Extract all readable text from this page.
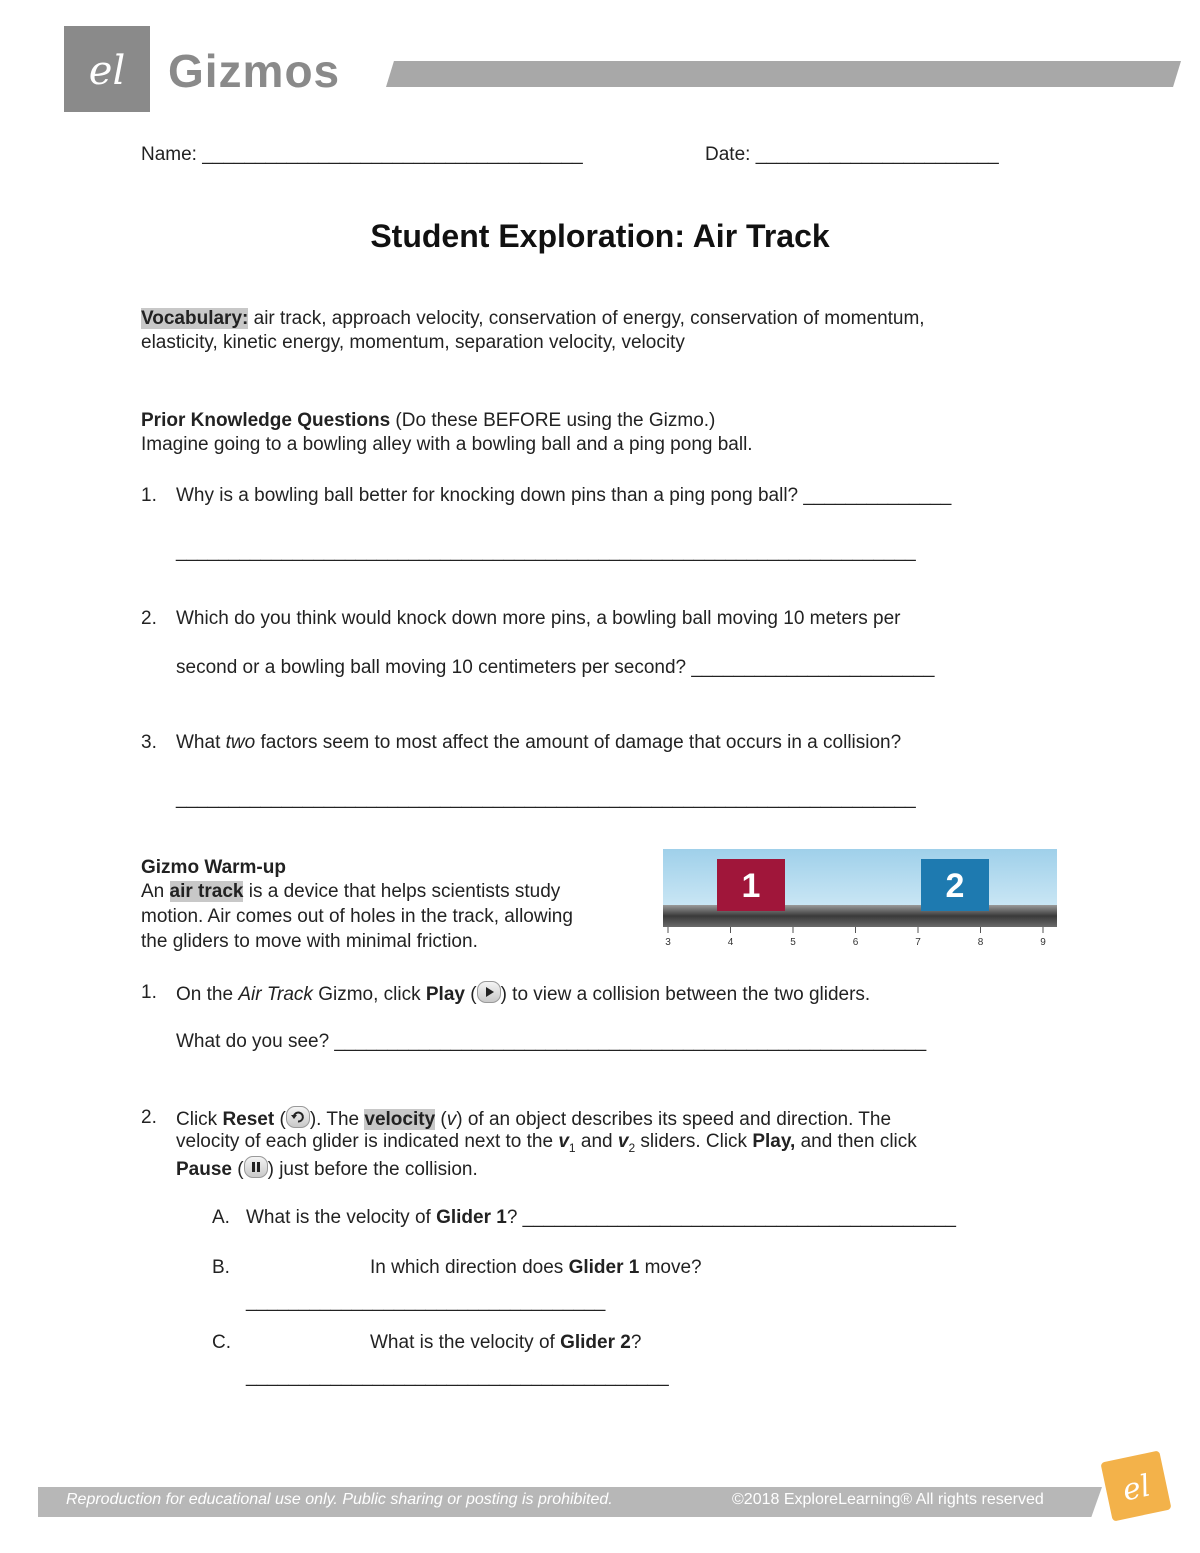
el Gizmos
Name: ____________________________________	Date: _______________________
Student Exploration: Air Track
Vocabulary: air track, approach velocity, conservation of energy, conservation of momentum,
elasticity, kinetic energy, momentum, separation velocity, velocity
Prior Knowledge Questions (Do these BEFORE using the Gizmo.)
Imagine going to a bowling alley with a bowling ball and a ping pong ball.
1. Why is a bowling ball better for knocking down pins than a ping pong ball? ______________
______________________________________________________________________
2. Which do you think would knock down more pins, a bowling ball moving 10 meters per
second or a bowling ball moving 10 centimeters per second? _______________________
3. What two factors seem to most affect the amount of damage that occurs in a collision?
______________________________________________________________________
Gizmo Warm-up
An air track is a device that helps scientists study
motion. Air comes out of holes in the track, allowing
the gliders to move with minimal friction.
1	2
3	4	5	6	7	8	9
1. On the Air Track Gizmo, click Play ( ) to view a collision between the two gliders.
What do you see? ________________________________________________________
2. Click Reset ( ). The velocity (v) of an object describes its speed and direction. The
velocity of each glider is indicated next to the $v_1$ and $v_2$ sliders. Click Play, and then click
Pause ( ) just before the collision.
A. What is the velocity of Glider 1? _________________________________________
B.	In which direction does Glider 1 move?
__________________________________
C.	What is the velocity of Glider 2?
________________________________________
Reproduction for educational use only. Public sharing or posting is prohibited.	©2018 ExploreLearning® All rights reserved	el
